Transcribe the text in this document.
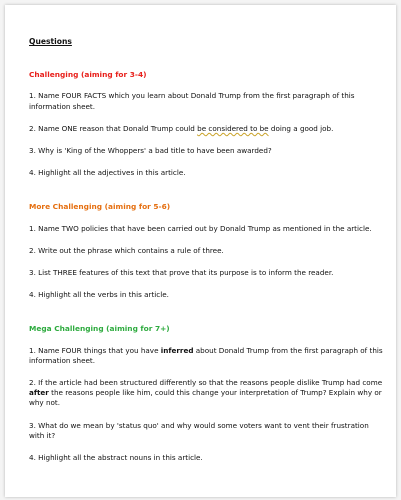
Questions

Challenging (aiming for 3-4)

1. Name FOUR FACTS which you learn about Donald Trump from the first paragraph of this information sheet.

2. Name ONE reason that Donald Trump could be considered to be doing a good job.

3. Why is 'King of the Whoppers' a bad title to have been awarded?

4. Highlight all the adjectives in this article.

More Challenging (aiming for 5-6)

1. Name TWO policies that have been carried out by Donald Trump as mentioned in the article.

2. Write out the phrase which contains a rule of three.

3. List THREE features of this text that prove that its purpose is to inform the reader.

4. Highlight all the verbs in this article.

Mega Challenging (aiming for 7+)

1. Name FOUR things that you have inferred about Donald Trump from the first paragraph of this information sheet.

2. If the article had been structured differently so that the reasons people dislike Trump had come after the reasons people like him, could this change your interpretation of Trump? Explain why or why not.

3. What do we mean by 'status quo' and why would some voters want to vent their frustration with it?

4. Highlight all the abstract nouns in this article.
